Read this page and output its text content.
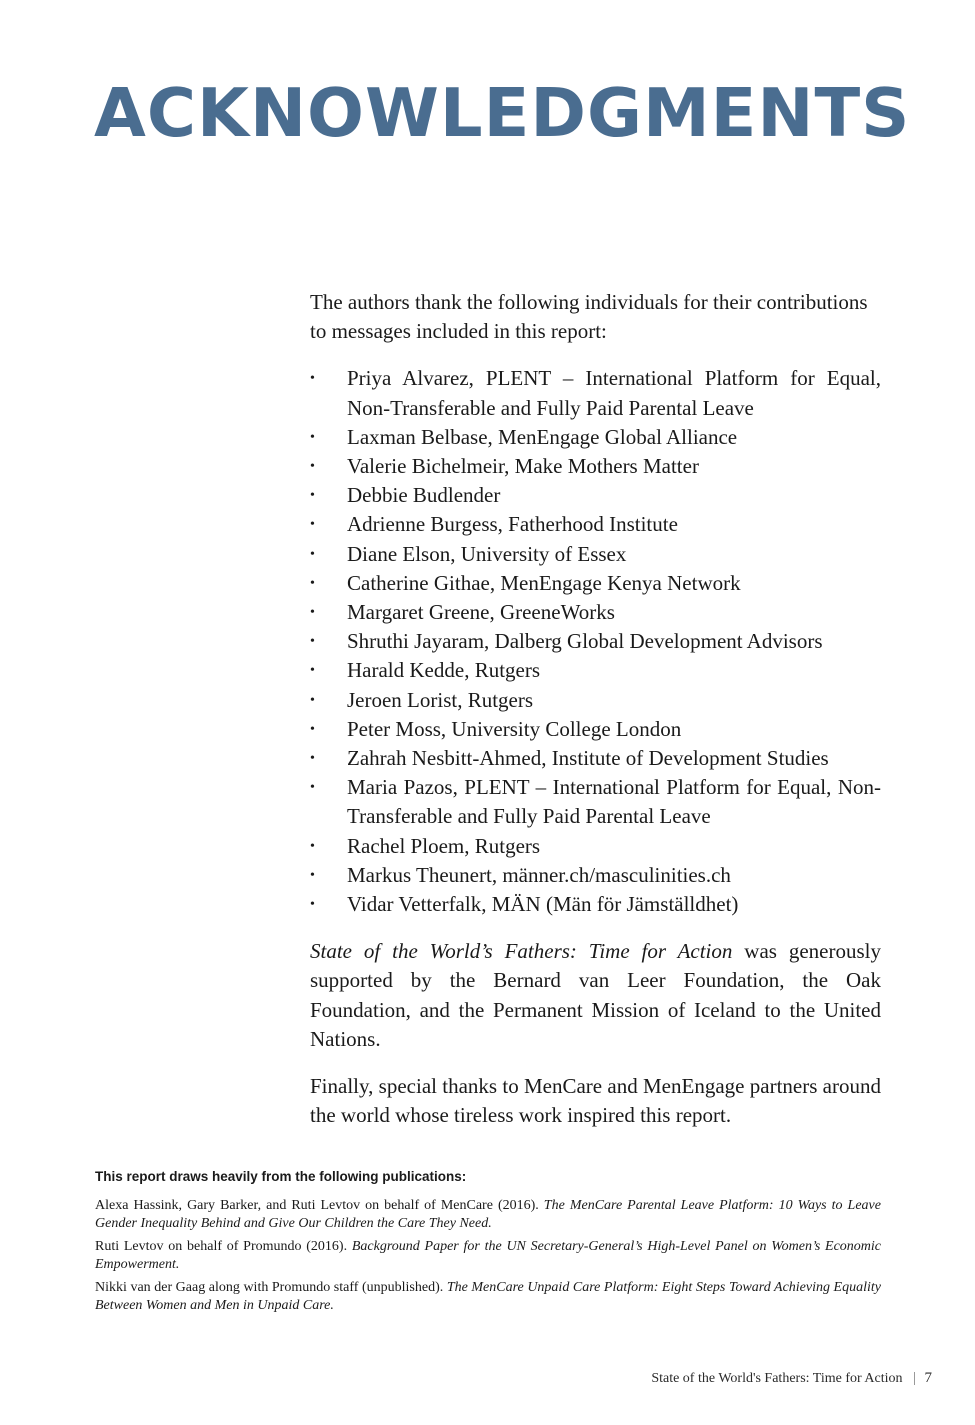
ACKNOWLEDGMENTS

The authors thank the following individuals for their contributions to messages included in this report:

• Priya Alvarez, PLENT – International Platform for Equal, Non-Transferable and Fully Paid Parental Leave
• Laxman Belbase, MenEngage Global Alliance
• Valerie Bichelmeir, Make Mothers Matter
• Debbie Budlender
• Adrienne Burgess, Fatherhood Institute
• Diane Elson, University of Essex
• Catherine Githae, MenEngage Kenya Network
• Margaret Greene, GreeneWorks
• Shruthi Jayaram, Dalberg Global Development Advisors
• Harald Kedde, Rutgers
• Jeroen Lorist, Rutgers
• Peter Moss, University College London
• Zahrah Nesbitt-Ahmed, Institute of Development Studies
• Maria Pazos, PLENT – International Platform for Equal, Non-Transferable and Fully Paid Parental Leave
• Rachel Ploem, Rutgers
• Markus Theunert, männer.ch/masculinities.ch
• Vidar Vetterfalk, MÄN (Män för Jämställdhet)

State of the World’s Fathers: Time for Action was generously supported by the Bernard van Leer Foundation, the Oak Foundation, and the Permanent Mission of Iceland to the United Nations.

Finally, special thanks to MenCare and MenEngage partners around the world whose tireless work inspired this report.

This report draws heavily from the following publications:

Alexa Hassink, Gary Barker, and Ruti Levtov on behalf of MenCare (2016). The MenCare Parental Leave Platform: 10 Ways to Leave Gender Inequality Behind and Give Our Children the Care They Need.

Ruti Levtov on behalf of Promundo (2016). Background Paper for the UN Secretary-General’s High-Level Panel on Women’s Economic Empowerment.

Nikki van der Gaag along with Promundo staff (unpublished). The MenCare Unpaid Care Platform: Eight Steps Toward Achieving Equality Between Women and Men in Unpaid Care.

State of the World's Fathers: Time for Action 7
